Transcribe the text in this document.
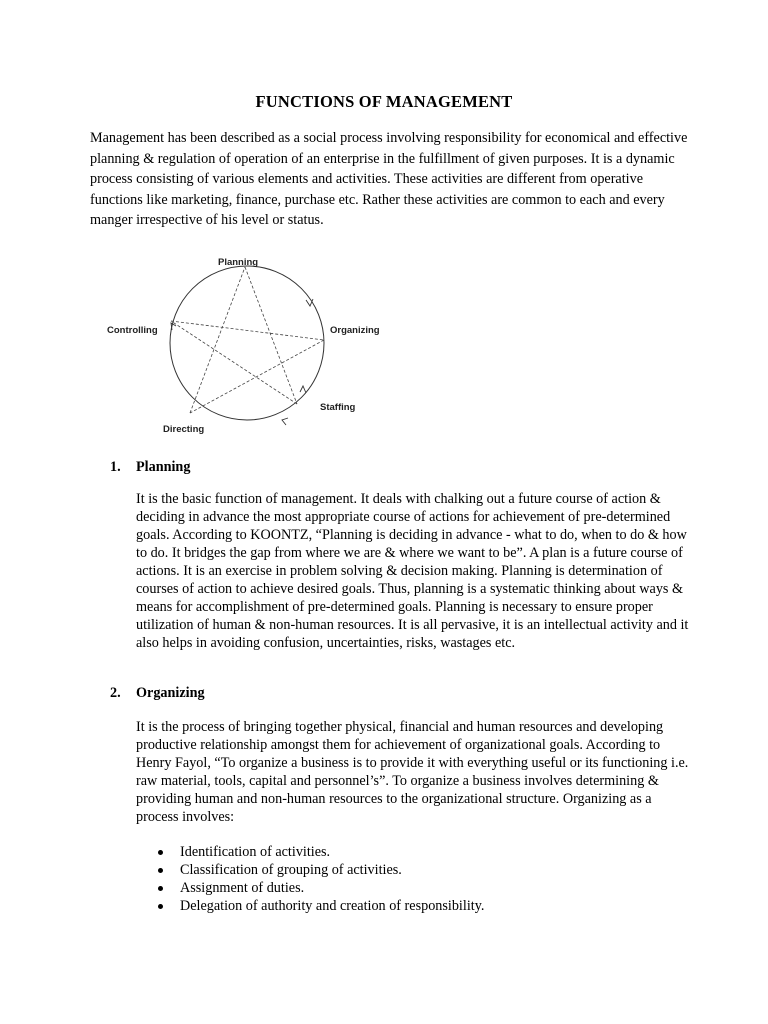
FUNCTIONS OF MANAGEMENT
Management has been described as a social process involving responsibility for economical and effective planning & regulation of operation of an enterprise in the fulfillment of given purposes. It is a dynamic process consisting of various elements and activities. These activities are different from operative functions like marketing, finance, purchase etc. Rather these activities are common to each and every manger irrespective of his level or status.
Planning
Organizing
Staffing
Directing
Controlling
1. Planning
It is the basic function of management. It deals with chalking out a future course of action & deciding in advance the most appropriate course of actions for achievement of pre-determined goals. According to KOONTZ, “Planning is deciding in advance - what to do, when to do & how to do. It bridges the gap from where we are & where we want to be”. A plan is a future course of actions. It is an exercise in problem solving & decision making. Planning is determination of courses of action to achieve desired goals. Thus, planning is a systematic thinking about ways & means for accomplishment of pre-determined goals. Planning is necessary to ensure proper utilization of human & non-human resources. It is all pervasive, it is an intellectual activity and it also helps in avoiding confusion, uncertainties, risks, wastages etc.
2. Organizing
It is the process of bringing together physical, financial and human resources and developing productive relationship amongst them for achievement of organizational goals. According to Henry Fayol, “To organize a business is to provide it with everything useful or its functioning i.e. raw material, tools, capital and personnel’s”. To organize a business involves determining & providing human and non-human resources to the organizational structure. Organizing as a process involves:
Identification of activities.
Classification of grouping of activities.
Assignment of duties.
Delegation of authority and creation of responsibility.
